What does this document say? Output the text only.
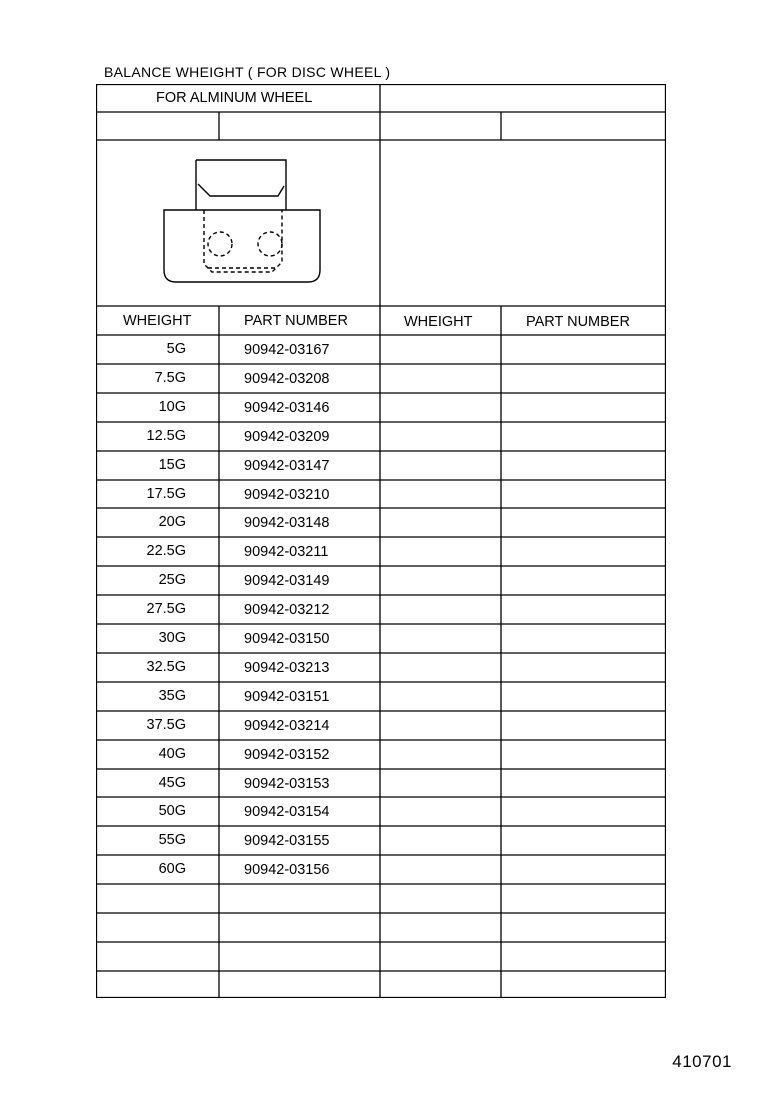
BALANCE WHEIGHT ( FOR DISC WHEEL )
FOR ALMINUM WHEEL
WHEIGHT	PART NUMBER	WHEIGHT	PART NUMBER
5G	90942-03167
7.5G	90942-03208
10G	90942-03146
12.5G	90942-03209
15G	90942-03147
17.5G	90942-03210
20G	90942-03148
22.5G	90942-03211
25G	90942-03149
27.5G	90942-03212
30G	90942-03150
32.5G	90942-03213
35G	90942-03151
37.5G	90942-03214
40G	90942-03152
45G	90942-03153
50G	90942-03154
55G	90942-03155
60G	90942-03156
410701
